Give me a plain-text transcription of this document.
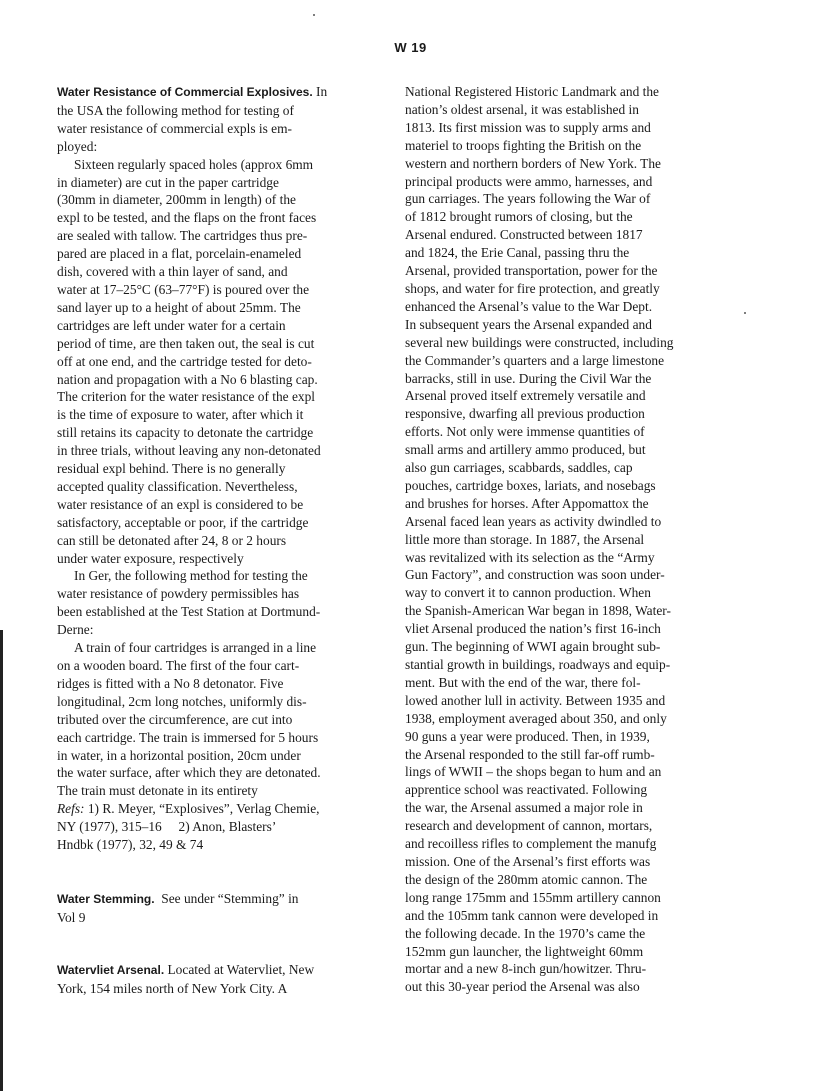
W 19

Water Resistance of Commercial Explosives. In
the USA the following method for testing of
water resistance of commercial expls is em-
ployed:

Sixteen regularly spaced holes (approx 6mm
in diameter) are cut in the paper cartridge
(30mm in diameter, 200mm in length) of the
expl to be tested, and the flaps on the front faces
are sealed with tallow. The cartridges thus pre-
pared are placed in a flat, porcelain-enameled
dish, covered with a thin layer of sand, and
water at 17–25°C (63–77°F) is poured over the
sand layer up to a height of about 25mm. The
cartridges are left under water for a certain
period of time, are then taken out, the seal is cut
off at one end, and the cartridge tested for deto-
nation and propagation with a No 6 blasting cap.
The criterion for the water resistance of the expl
is the time of exposure to water, after which it
still retains its capacity to detonate the cartridge
in three trials, without leaving any non-detonated
residual expl behind. There is no generally
accepted quality classification. Nevertheless,
water resistance of an expl is considered to be
satisfactory, acceptable or poor, if the cartridge
can still be detonated after 24, 8 or 2 hours
under water exposure, respectively

In Ger, the following method for testing the
water resistance of powdery permissibles has
been established at the Test Station at Dortmund-
Derne:

A train of four cartridges is arranged in a line
on a wooden board. The first of the four cart-
ridges is fitted with a No 8 detonator. Five
longitudinal, 2cm long notches, uniformly dis-
tributed over the circumference, are cut into
each cartridge. The train is immersed for 5 hours
in water, in a horizontal position, 20cm under
the water surface, after which they are detonated.
The train must detonate in its entirety

Refs: 1) R. Meyer, “Explosives”, Verlag Chemie,
NY (1977), 315–16     2) Anon, Blasters’
Hndbk (1977), 32, 49 & 74

Water Stemming.  See under “Stemming” in
Vol 9

Watervliet Arsenal. Located at Watervliet, New
York, 154 miles north of New York City. A

National Registered Historic Landmark and the
nation’s oldest arsenal, it was established in
1813. Its first mission was to supply arms and
materiel to troops fighting the British on the
western and northern borders of New York. The
principal products were ammo, harnesses, and
gun carriages. The years following the War of
of 1812 brought rumors of closing, but the
Arsenal endured. Constructed between 1817
and 1824, the Erie Canal, passing thru the
Arsenal, provided transportation, power for the
shops, and water for fire protection, and greatly
enhanced the Arsenal’s value to the War Dept.
In subsequent years the Arsenal expanded and
several new buildings were constructed, including
the Commander’s quarters and a large limestone
barracks, still in use. During the Civil War the
Arsenal proved itself extremely versatile and
responsive, dwarfing all previous production
efforts. Not only were immense quantities of
small arms and artillery ammo produced, but
also gun carriages, scabbards, saddles, cap
pouches, cartridge boxes, lariats, and nosebags
and brushes for horses. After Appomattox the
Arsenal faced lean years as activity dwindled to
little more than storage. In 1887, the Arsenal
was revitalized with its selection as the “Army
Gun Factory”, and construction was soon under-
way to convert it to cannon production. When
the Spanish-American War began in 1898, Water-
vliet Arsenal produced the nation’s first 16-inch
gun. The beginning of WWI again brought sub-
stantial growth in buildings, roadways and equip-
ment. But with the end of the war, there fol-
lowed another lull in activity. Between 1935 and
1938, employment averaged about 350, and only
90 guns a year were produced. Then, in 1939,
the Arsenal responded to the still far-off rumb-
lings of WWII – the shops began to hum and an
apprentice school was reactivated. Following
the war, the Arsenal assumed a major role in
research and development of cannon, mortars,
and recoilless rifles to complement the manufg
mission. One of the Arsenal’s first efforts was
the design of the 280mm atomic cannon. The
long range 175mm and 155mm artillery cannon
and the 105mm tank cannon were developed in
the following decade. In the 1970’s came the
152mm gun launcher, the lightweight 60mm
mortar and a new 8-inch gun/howitzer. Thru-
out this 30-year period the Arsenal was also
